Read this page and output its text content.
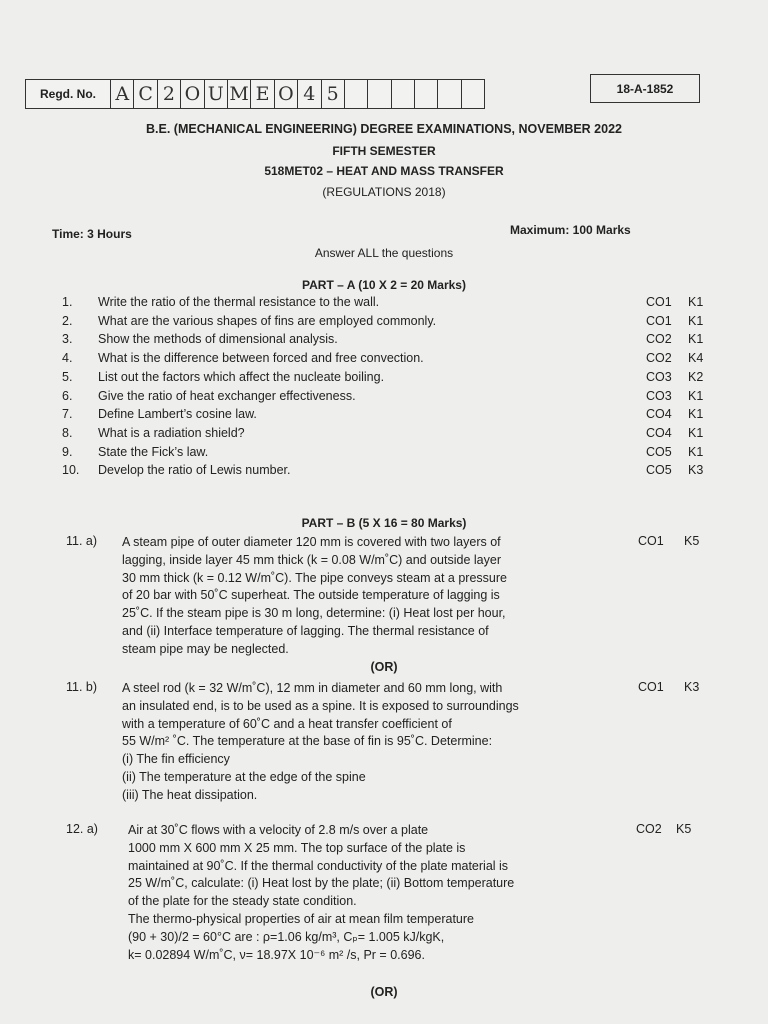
Regd. No.	A C 2 O U M E O 4 5	18-A-1852
B.E. (MECHANICAL ENGINEERING) DEGREE EXAMINATIONS, NOVEMBER 2022
FIFTH SEMESTER
518MET02 – HEAT AND MASS TRANSFER
(REGULATIONS 2018)
Time: 3 Hours	Maximum: 100 Marks
Answer ALL the questions
PART – A (10 X 2 = 20 Marks)
1.	Write the ratio of the thermal resistance to the wall.	CO1 K1
2.	What are the various shapes of fins are employed commonly.	CO1 K1
3.	Show the methods of dimensional analysis.	CO2 K1
4.	What is the difference between forced and free convection.	CO2 K4
5.	List out the factors which affect the nucleate boiling.	CO3 K2
6.	Give the ratio of heat exchanger effectiveness.	CO3 K1
7.	Define Lambert’s cosine law.	CO4 K1
8.	What is a radiation shield?	CO4 K1
9.	State the Fick’s law.	CO5 K1
10.	Develop the ratio of Lewis number.	CO5 K3
PART – B (5 X 16 = 80 Marks)
11. a) A steam pipe of outer diameter 120 mm is covered with two layers of
lagging, inside layer 45 mm thick (k = 0.08 W/m˚C) and outside layer
30 mm thick (k = 0.12 W/m˚C). The pipe conveys steam at a pressure
of 20 bar with 50˚C superheat. The outside temperature of lagging is
25˚C. If the steam pipe is 30 m long, determine: (i) Heat lost per hour,
and (ii) Interface temperature of lagging. The thermal resistance of
steam pipe may be neglected.
CO1 K5
(OR)
11. b) A steel rod (k = 32 W/m˚C), 12 mm in diameter and 60 mm long, with
an insulated end, is to be used as a spine. It is exposed to surroundings
with a temperature of 60˚C and a heat transfer coefficient of
55 W/m² ˚C. The temperature at the base of fin is 95˚C. Determine:
(i) The fin efficiency
(ii) The temperature at the edge of the spine
(iii) The heat dissipation.
CO1 K3
12. a) Air at 30˚C flows with a velocity of 2.8 m/s over a plate
1000 mm X 600 mm X 25 mm. The top surface of the plate is
maintained at 90˚C. If the thermal conductivity of the plate material is
25 W/m˚C, calculate: (i) Heat lost by the plate; (ii) Bottom temperature
of the plate for the steady state condition.
The thermo-physical properties of air at mean film temperature
(90 + 30)/2 = 60°C are : ρ=1.06 kg/m³, Cₚ= 1.005 kJ/kgK,
k= 0.02894 W/m˚C, ν= 18.97X 10⁻⁶ m² /s, Pr = 0.696.
CO2 K5
(OR)
